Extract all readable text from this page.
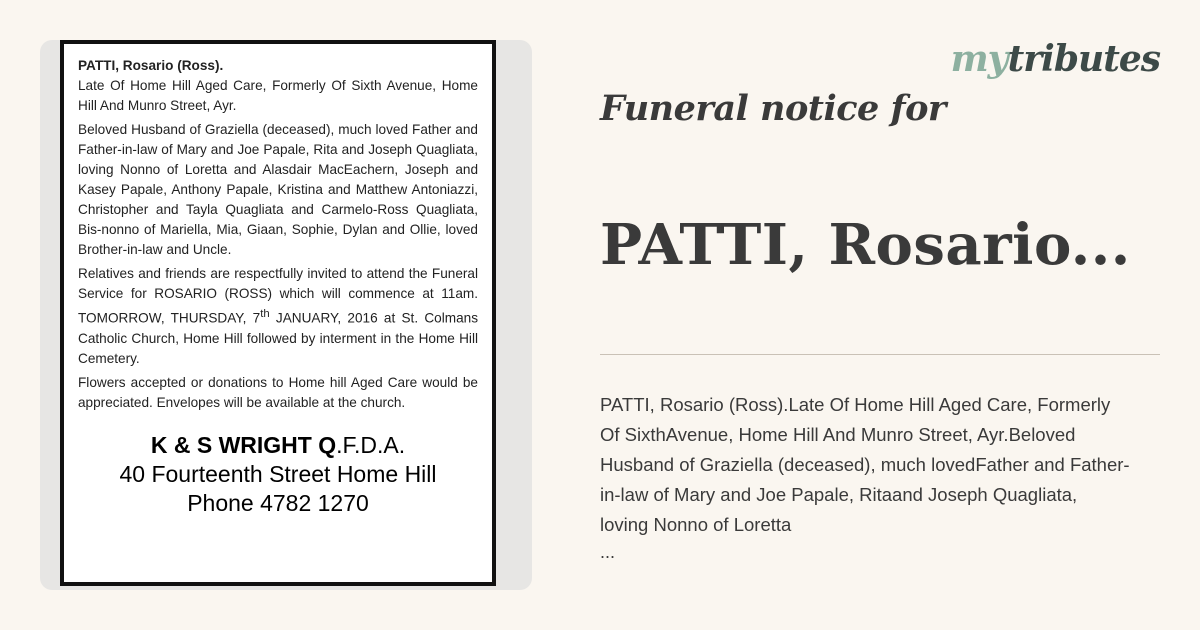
PATTI, Rosario (Ross).

Late Of Home Hill Aged Care, Formerly Of Sixth Avenue, Home Hill And Munro Street, Ayr.

Beloved Husband of Graziella (deceased), much loved Father and Father-in-law of Mary and Joe Papale, Rita and Joseph Quagliata, loving Nonno of Loretta and Alasdair MacEachern, Joseph and Kasey Papale, Anthony Papale, Kristina and Matthew Antoniazzi, Christopher and Tayla Quagliata and Carmelo-Ross Quagliata, Bis-nonno of Mariella, Mia, Giaan, Sophie, Dylan and Ollie, loved Brother-in-law and Uncle.

Relatives and friends are respectfully invited to attend the Funeral Service for ROSARIO (ROSS) which will commence at 11am. TOMORROW, THURSDAY, 7th JANUARY, 2016 at St. Colmans Catholic Church, Home Hill followed by interment in the Home Hill Cemetery.

Flowers accepted or donations to Home hill Aged Care would be appreciated. Envelopes will be available at the church.

K & S WRIGHT Q.F.D.A.
40 Fourteenth Street Home Hill
Phone 4782 1270
mytributes
Funeral notice for
PATTI, Rosario...

PATTI, Rosario (Ross).Late Of Home Hill Aged Care, Formerly Of SixthAvenue, Home Hill And Munro Street, Ayr.Beloved Husband of Graziella (deceased), much lovedFather and Father-in-law of Mary and Joe Papale, Ritaand Joseph Quagliata, loving Nonno of Loretta

...
